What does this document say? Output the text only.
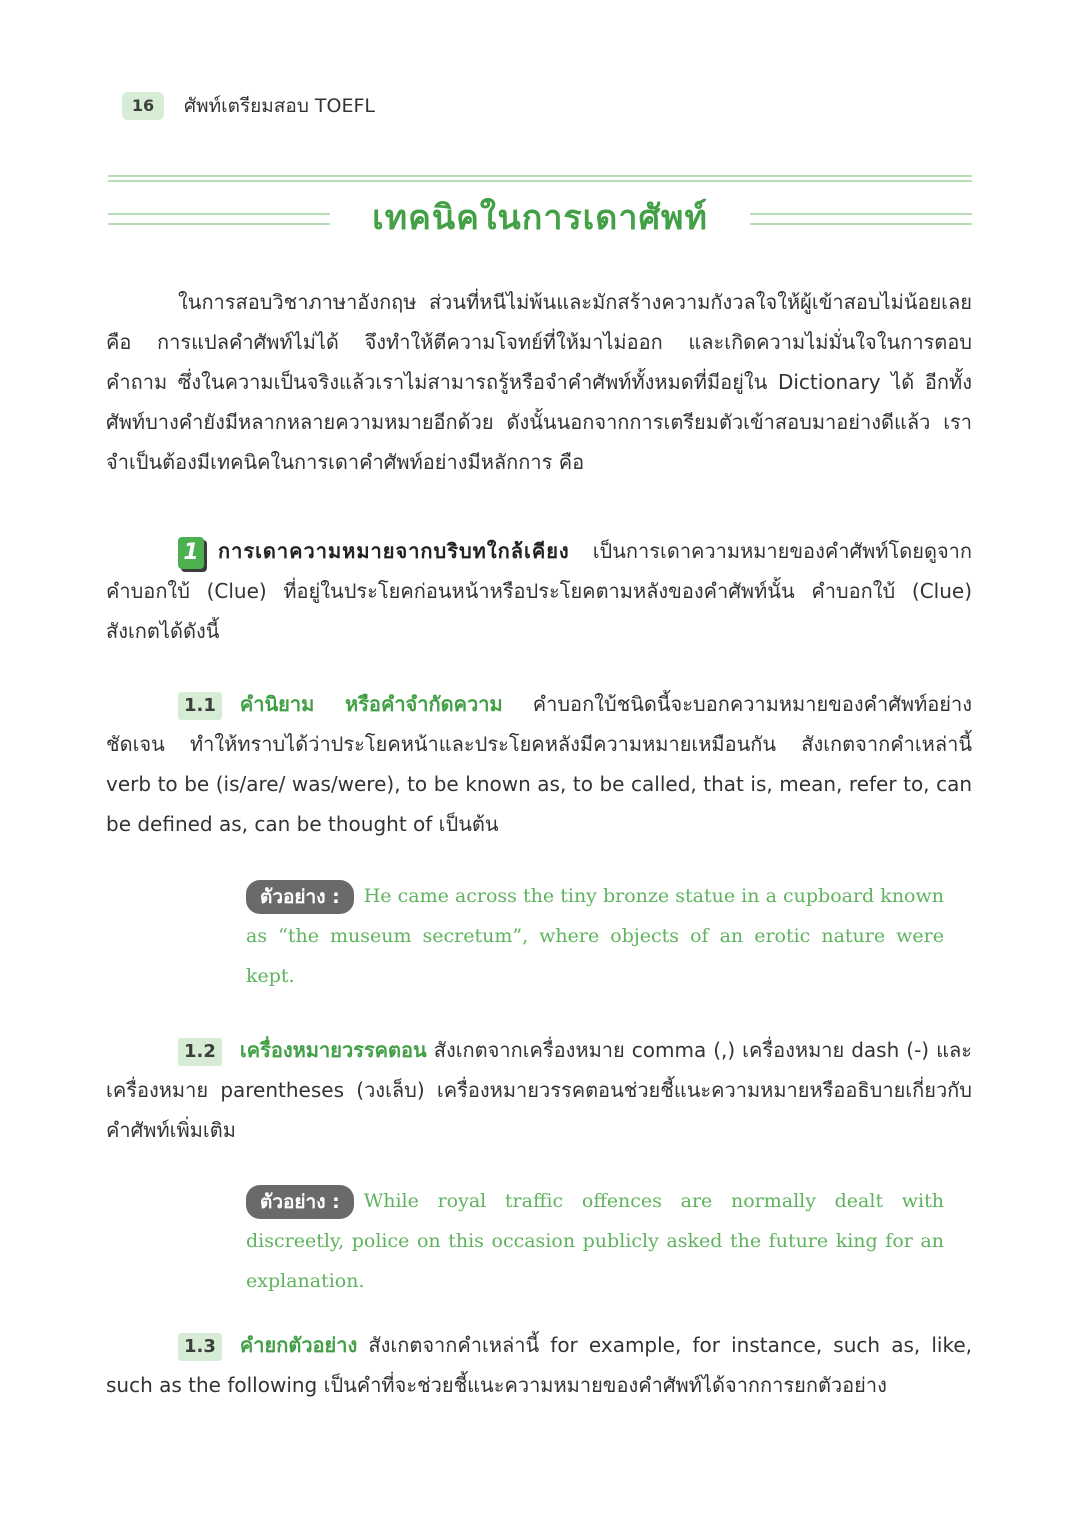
16	ศัพท์เตรียมสอบ TOEFL
เทคนิคในการเดาศัพท์

ในการสอบวิชาภาษาอังกฤษ ส่วนที่หนีไม่พ้นและมักสร้างความกังวลใจให้ผู้เข้าสอบไม่น้อยเลยคือ การแปลคำศัพท์ไม่ได้ จึงทำให้ตีความโจทย์ที่ให้มาไม่ออก และเกิดความไม่มั่นใจในการตอบคำถาม ซึ่งในความเป็นจริงแล้วเราไม่สามารถรู้หรือจำคำศัพท์ทั้งหมดที่มีอยู่ใน Dictionary ได้ อีกทั้งศัพท์บางคำยังมีหลากหลายความหมายอีกด้วย ดังนั้นนอกจากการเตรียมตัวเข้าสอบมาอย่างดีแล้ว เราจำเป็นต้องมีเทคนิคในการเดาคำศัพท์อย่างมีหลักการ คือ

1 การเดาความหมายจากบริบทใกล้เคียง เป็นการเดาความหมายของคำศัพท์โดยดูจากคำบอกใบ้ (Clue) ที่อยู่ในประโยคก่อนหน้าหรือประโยคตามหลังของคำศัพท์นั้น คำบอกใบ้ (Clue) สังเกตได้ดังนี้

1.1 คำนิยาม หรือคำจำกัดความ คำบอกใบ้ชนิดนี้จะบอกความหมายของคำศัพท์อย่างชัดเจน ทำให้ทราบได้ว่าประโยคหน้าและประโยคหลังมีความหมายเหมือนกัน สังเกตจากคำเหล่านี้ verb to be (is/are/ was/were), to be known as, to be called, that is, mean, refer to, can be defined as, can be thought of เป็นต้น

ตัวอย่าง : He came across the tiny bronze statue in a cupboard known as “the museum secretum”, where objects of an erotic nature were kept.

1.2 เครื่องหมายวรรคตอน สังเกตจากเครื่องหมาย comma (,) เครื่องหมาย dash (-) และเครื่องหมาย parentheses (วงเล็บ) เครื่องหมายวรรคตอนช่วยชี้แนะความหมายหรืออธิบายเกี่ยวกับคำศัพท์เพิ่มเติม

ตัวอย่าง : While royal traffic offences are normally dealt with discreetly, police on this occasion publicly asked the future king for an explanation.

1.3 คำยกตัวอย่าง สังเกตจากคำเหล่านี้ for example, for instance, such as, like, such as the following เป็นคำที่จะช่วยชี้แนะความหมายของคำศัพท์ได้จากการยกตัวอย่าง
